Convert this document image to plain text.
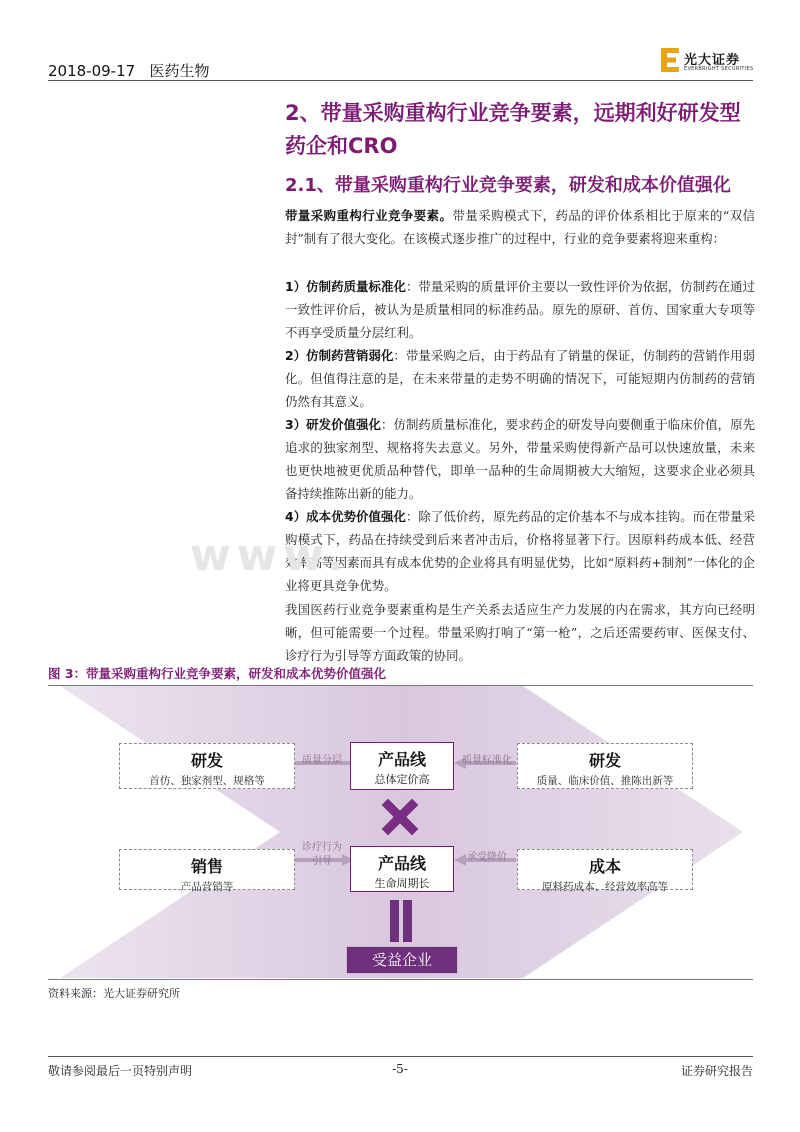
2018-09-17 医药生物
光大证券
EVERBRIGHT SECURITIES
2、带量采购重构行业竞争要素，远期利好研发型药企和CRO
2.1、带量采购重构行业竞争要素，研发和成本价值强化
带量采购重构行业竞争要素。带量采购模式下，药品的评价体系相比于原来的“双信封”制有了很大变化。在该模式逐步推广的过程中，行业的竞争要素将迎来重构：
1）仿制药质量标准化：带量采购的质量评价主要以一致性评价为依据，仿制药在通过一致性评价后，被认为是质量相同的标准药品。原先的原研、首仿、国家重大专项等不再享受质量分层红利。
2）仿制药营销弱化：带量采购之后，由于药品有了销量的保证，仿制药的营销作用弱化。但值得注意的是，在未来带量的走势不明确的情况下，可能短期内仿制药的营销仍然有其意义。
3）研发价值强化：仿制药质量标准化，要求药企的研发导向要侧重于临床价值，原先追求的独家剂型、规格将失去意义。另外，带量采购使得新产品可以快速放量，未来也更快地被更优质品种替代，即单一品种的生命周期被大大缩短，这要求企业必须具备持续推陈出新的能力。
4）成本优势价值强化：除了低价药，原先药品的定价基本不与成本挂钩。而在带量采购模式下，药品在持续受到后来者冲击后，价格将显著下行。因原料药成本低、经营效率高等因素而具有成本优势的企业将具有明显优势，比如“原料药+制剂”一体化的企业将更具竞争优势。
我国医药行业竞争要素重构是生产关系去适应生产力发展的内在需求，其方向已经明晰，但可能需要一个过程。带量采购打响了“第一枪”，之后还需要药审、医保支付、诊疗行为引导等方面政策的协同。
www.
图 3：带量采购重构行业竞争要素，研发和成本优势价值强化
研发
首仿、独家剂型、规格等
销售
产品营销等
产品线
总体定价高
产品线
生命周期长
研发
质量、临床价值、推陈出新等
成本
原料药成本、经营效率高等
质量分层	质量标准化
诊疗行为
引导	承受降价
受益企业
资料来源：光大证券研究所
敬请参阅最后一页特别声明	-5-	证券研究报告
